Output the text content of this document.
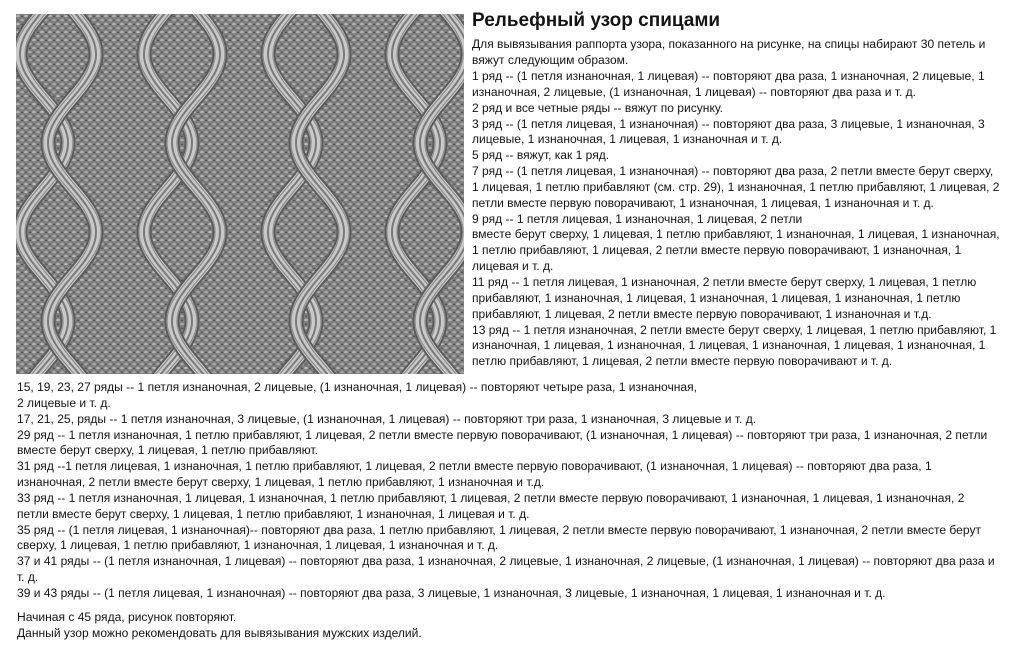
Рельефный узор спицами
Для вывязывания раппорта узора, показанного на рисунке, на спицы набирают 30 петель и
вяжут следующим образом.
1 ряд -- (1 петля изнаночная, 1 лицевая) -- повторяют два раза, 1 изнаночная, 2 лицевые, 1
изнаночная, 2 лицевые, (1 изнаночная, 1 лицевая) -- повторяют два раза и т. д.
2 ряд и все четные ряды -- вяжут по рисунку.
3 ряд -- (1 петля лицевая, 1 изнаночная) -- повторяют два раза, 3 лицевые, 1 изнаночная, 3
лицевые, 1 изнаночная, 1 лицевая, 1 изнаночная и т. д.
5 ряд -- вяжут, как 1 ряд.
7 ряд -- (1 петля лицевая, 1 изнаночная) -- повторяют два раза, 2 петли вместе берут сверху,
1 лицевая, 1 петлю прибавляют (см. стр. 29), 1 изнаночная, 1 петлю прибавляют, 1 лицевая, 2
петли вместе первую поворачивают, 1 изнаночная, 1 лицевая, 1 изнаночная и т. д.
9 ряд -- 1 петля лицевая, 1 изнаночная, 1 лицевая, 2 петли
вместе берут сверху, 1 лицевая, 1 петлю прибавляют, 1 изнаночная, 1 лицевая, 1 изнаночная,
1 петлю прибавляют, 1 лицевая, 2 петли вместе первую поворачивают, 1 изнаночная, 1
лицевая и т. д.
11 ряд -- 1 петля лицевая, 1 изнаночная, 2 петли вместе берут сверху, 1 лицевая, 1 петлю
прибавляют, 1 изнаночная, 1 лицевая, 1 изнаночная, 1 лицевая, 1 изнаночная, 1 петлю
прибавляют, 1 лицевая, 2 петли вместе первую поворачивают, 1 изнаночная и т.д.
13 ряд -- 1 петля изнаночная, 2 петли вместе берут сверху, 1 лицевая, 1 петлю прибавляют, 1
изнаночная, 1 лицевая, 1 изнаночная, 1 лицевая, 1 изнаночная, 1 лицевая, 1 изнаночная, 1
петлю прибавляют, 1 лицевая, 2 петли вместе первую поворачивают и т. д.
15, 19, 23, 27 ряды -- 1 петля изнаночная, 2 лицевые, (1 изнаночная, 1 лицевая) -- повторяют четыре раза, 1 изнаночная,
2 лицевые и т. д.
17, 21, 25, ряды -- 1 петля изнаночная, 3 лицевые, (1 изнаночная, 1 лицевая) -- повторяют три раза, 1 изнаночная, 3 лицевые и т. д.
29 ряд -- 1 петля изнаночная, 1 петлю прибавляют, 1 лицевая, 2 петли вместе первую поворачивают, (1 изнаночная, 1 лицевая) -- повторяют три раза, 1 изнаночная, 2 петли
вместе берут сверху, 1 лицевая, 1 петлю прибавляют.
31 ряд --1 петля лицевая, 1 изнаночная, 1 петлю прибавляют, 1 лицевая, 2 петли вместе первую поворачивают, (1 изнаночная, 1 лицевая) -- повторяют два раза, 1
изнаночная, 2 петли вместе берут сверху, 1 лицевая, 1 петлю прибавляют, 1 изнаночная и т.д.
33 ряд -- 1 петля изнаночная, 1 лицевая, 1 изнаночная, 1 петлю прибавляют, 1 лицевая, 2 петли вместе первую поворачивают, 1 изнаночная, 1 лицевая, 1 изнаночная, 2
петли вместе берут сверху, 1 лицевая, 1 петлю прибавляют, 1 изнаночная, 1 лицевая и т. д.
35 ряд -- (1 петля лицевая, 1 изнаночная)-- повторяют два раза, 1 петлю прибавляют, 1 лицевая, 2 петли вместе первую поворачивают, 1 изнаночная, 2 петли вместе берут
сверху, 1 лицевая, 1 петлю прибавляют, 1 изнаночная, 1 лицевая, 1 изнаночная и т. д.
37 и 41 ряды -- (1 петля изнаночная, 1 лицевая) -- повторяют два раза, 1 изнаночная, 2 лицевые, 1 изнаночная, 2 лицевые, (1 изнаночная, 1 лицевая) -- повторяют два раза и
т. д.
39 и 43 ряды -- (1 петля лицевая, 1 изнаночная) -- повторяют два раза, 3 лицевые, 1 изнаночная, 3 лицевые, 1 изнаночная, 1 лицевая, 1 изнаночная и т. д.
Начиная с 45 ряда, рисунок повторяют.
Данный узор можно рекомендовать для вывязывания мужских изделий.
